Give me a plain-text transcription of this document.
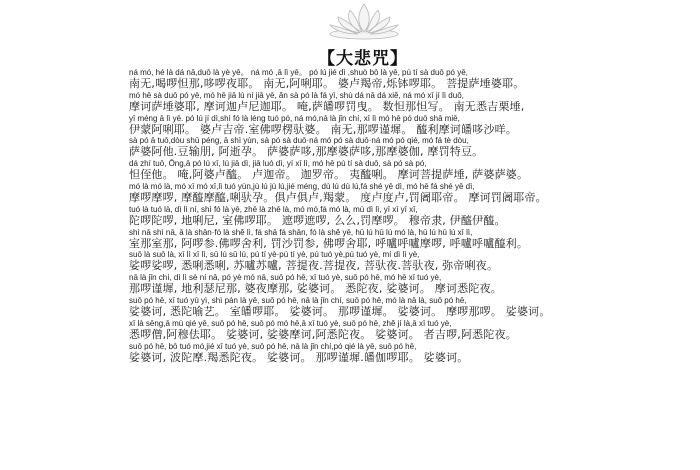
【大悲咒】
ná mó, hé là dá nā,duō là yè yē。 ná mó ,ā lì yē。 pó lú jié dì ,shuò bō là yē, pú tí sà duō pó yē,
南无,喝啰怛那,哆啰夜耶。 南无,阿唎耶。 婆卢羯帝,烁钵啰耶。 菩提萨埵婆耶。
mó hē sà duō pó yē, mó hē jiā lú ní jiā yē, ǎn sà pó là fá yì, shù dá nā dá xiě, ná mó xī jí lì duǒ,
摩诃萨埵婆耶, 摩诃迦卢尼迦耶。 唵,萨皤啰罚曳。 数怛那怛写。 南无悉吉栗埵,
yī méng ā lì yē. pó lú jí dì,shì fó là léng tuó pó, ná mó,nā là jǐn chí, xī lì mó hē pó duō shā miē,
伊蒙阿唎耶。 婆卢吉帝.室佛啰楞驮婆。 南无,那啰谨墀。 醯利摩诃皤哆沙咩。
sà pó ā tuō,dòu shū péng, ā shì yùn, sà pó sà duō·ná mó pó sà duō·ná mó pó qié, mó fá tè dòu,
萨婆阿他.豆输朋, 阿逝孕。 萨婆萨哆,那摩婆萨哆,那摩婆伽, 摩罚特豆。
dá zhí tuō, Ōng,ā pó lú xī, lú jiā dì, jiā luó dì, yí xī lì, mó hē pú tí sà duō, sà pó sà pó,
怛侄他。 唵,阿婆卢醯。 卢迦帝。 迦罗帝。 夷醯唎。 摩诃菩提萨埵, 萨婆萨婆。
mó là mó là, mó xī mó xī,lì tuó yùn,jù lú jù lú,jié méng, dù lú dù lú,fá shé yē dì, mó hē fá shé yē dì,
摩啰摩啰, 摩醯摩醯,唎驮孕。俱卢俱卢,羯蒙。 度卢度卢,罚阇耶帝。 摩诃罚阇耶帝。
tuó là tuó là, dì lì ní, shì fó là yē, zhē là zhē là, mó mó,fá mó là, mù dì lì, yī xī yī xī,
陀啰陀啰, 地唎尼, 室佛啰耶。 遮啰遮啰, 么么,罚摩啰。 穆帝隶, 伊醯伊醯。
shì nā shì nā, ā là shān·fó là shě lì, fá shā fá shān, fó là shě yē, hū lú hū lú mó là, hū lú hū lú xī lì,
室那室那, 阿啰参.佛啰舍利, 罚沙罚参, 佛啰舍耶, 呼嚧呼嚧摩啰, 呼嚧呼嚧醯利。
suō là suō là, xī lì xī lì, sū lú sū lú, pú tí yè·pú tí yè, pú tuó yè,pú tuó yè, mí dì lì yè,
娑啰娑啰, 悉唎悉唎, 苏嚧苏嚧, 菩提夜.菩提夜, 菩驮夜.菩驮夜, 弥帝唎夜。
nā là jǐn chí, dì lì sè ní nā, pó yè mó nā, suō pó hē, xī tuó yè, suō pó hē, mó hē xī tuó yè,
那啰谨墀, 地利瑟尼那, 婆夜摩那, 娑婆诃。 悉陀夜, 娑婆诃。 摩诃悉陀夜。
suō pó hē, xī tuó yù yì, shì pán là yē, suō pó hē, nā là jǐn chí, suō pó hē, mó là nā là, suō pó hē,
娑婆诃, 悉陀喻艺。 室皤啰耶。 娑婆诃。 那啰谨墀。 娑婆诃。 摩啰那啰。 娑婆诃。
xī là sēng,ā mù qié yē, suō pó hē, suō pó mó hē,ā xī tuó yè, suō pó hē, zhě jí là,ā xī tuó yè,
悉啰僧,阿穆佉耶。 娑婆诃, 娑婆摩诃,阿悉陀夜。 娑婆诃。 者吉啰,阿悉陀夜。
suō pó hē, bō tuó mó,jié xī tuó yè, suō pó hē, nā là jǐn chí,pó qié là yē, suō pó hē,
娑婆诃, 波陀摩.羯悉陀夜。 娑婆诃。 那啰谨墀.皤伽啰耶。 娑婆诃。
